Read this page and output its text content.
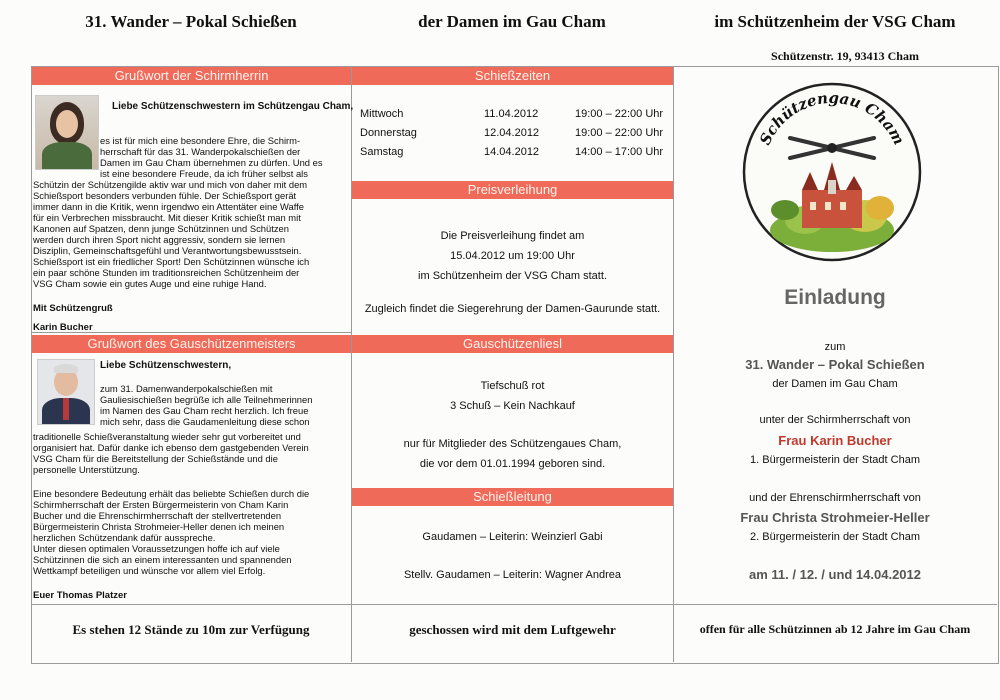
31. Wander – Pokal Schießen	der Damen im Gau Cham	im Schützenheim der VSG Cham
Schützenstr. 19, 93413 Cham
Grußwort der Schirmherrin
Liebe Schützenschwestern im Schützengau Cham,
es ist für mich eine besondere Ehre, die Schirm-
herrschaft für das 31. Wanderpokalschießen der
Damen im Gau Cham übernehmen zu dürfen. Und es
ist eine besondere Freude, da ich früher selbst als
Schützin der Schützengilde aktiv war und mich von daher mit dem
Schießsport besonders verbunden fühle. Der Schießsport gerät
immer dann in die Kritik, wenn irgendwo ein Attentäter eine Waffe
für ein Verbrechen missbraucht. Mit dieser Kritik schießt man mit
Kanonen auf Spatzen, denn junge Schützinnen und Schützen
werden durch ihren Sport nicht aggressiv, sondern sie lernen
Disziplin, Gemeinschaftsgefühl und Verantwortungsbewusstsein.
Schießsport ist ein friedlicher Sport! Den Schützinnen wünsche ich
ein paar schöne Stunden im traditionsreichen Schützenheim der
VSG Cham sowie ein gutes Auge und eine ruhige Hand.
Mit Schützengruß
Karin Bucher
Grußwort des Gauschützenmeisters
Liebe Schützenschwestern,
zum 31. Damenwanderpokalschießen mit
Gauliesischießen begrüße ich alle Teilnehmerinnen
im Namen des Gau Cham recht herzlich. Ich freue
mich sehr, dass die Gaudamenleitung diese schon
traditionelle Schießveranstaltung wieder sehr gut vorbereitet und
organisiert hat. Dafür danke ich ebenso dem gastgebenden Verein
VSG Cham für die Bereitstellung der Schießstände und die
personelle Unterstützung.
Eine besondere Bedeutung erhält das beliebte Schießen durch die
Schirmherrschaft der Ersten Bürgermeisterin von Cham Karin
Bucher und die Ehrenschirmherrschaft der stellvertretenden
Bürgermeisterin Christa Strohmeier-Heller denen ich meinen
herzlichen Schützendank dafür ausspreche.
Unter diesen optimalen Voraussetzungen hoffe ich auf viele
Schützinnen die sich an einem interessanten und spannenden
Wettkampf beteiligen und wünsche vor allem viel Erfolg.
Euer Thomas Platzer
Schießzeiten
Mittwoch	11.04.2012	19:00 – 22:00 Uhr
Donnerstag	12.04.2012	19:00 – 22:00 Uhr
Samstag	14.04.2012	14:00 – 17:00 Uhr
Preisverleihung
Die Preisverleihung findet am
15.04.2012 um 19:00 Uhr
im Schützenheim der VSG Cham statt.
Zugleich findet die Siegerehrung der Damen-Gaurunde statt.
Gauschützenliesl
Tiefschuß rot
3 Schuß – Kein Nachkauf
nur für Mitglieder des Schützengaues Cham,
die vor dem 01.01.1994 geboren sind.
Schießleitung
Gaudamen – Leiterin: Weinzierl Gabi
Stellv. Gaudamen – Leiterin: Wagner Andrea
Schützengau Cham
Einladung
zum
31. Wander – Pokal Schießen
der Damen im Gau Cham
unter der Schirmherrschaft von
Frau Karin Bucher
1. Bürgermeisterin der Stadt Cham
und der Ehrenschirmherrschaft von
Frau Christa Strohmeier-Heller
2. Bürgermeisterin der Stadt Cham
am 11. / 12. / und 14.04.2012
Es stehen 12 Stände zu 10m zur Verfügung	geschossen wird mit dem Luftgewehr	offen für alle Schützinnen ab 12 Jahre im Gau Cham
